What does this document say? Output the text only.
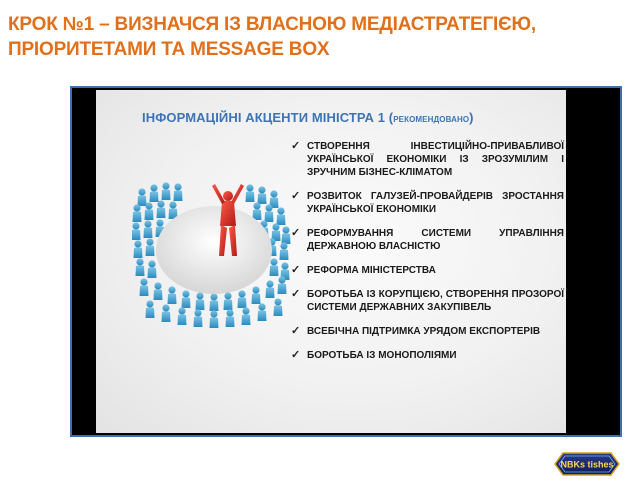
КРОК №1 – ВИЗНАЧСЯ ІЗ ВЛАСНОЮ МЕДІАСТРАТЕГІЄЮ, ПРІОРИТЕТАМИ ТА MESSAGE BOX
ІНФОРМАЦІЙНІ АКЦЕНТИ МІНІСТРА 1 (РЕКОМЕНДОВАНО)
✓ СТВОРЕННЯ ІНВЕСТИЦІЙНО-ПРИВАБЛИВОЇ УКРАЇНСЬКОЇ ЕКОНОМІКИ ІЗ ЗРОЗУМІЛИМ І ЗРУЧНИМ БІЗНЕС-КЛІМАТОМ
✓ РОЗВИТОК ГАЛУЗЕЙ-ПРОВАЙДЕРІВ ЗРОСТАННЯ УКРАЇНСЬКОЇ ЕКОНОМІКИ
✓ РЕФОРМУВАННЯ СИСТЕМИ УПРАВЛІННЯ ДЕРЖАВНОЮ ВЛАСНІСТЮ
✓ РЕФОРМА МІНІСТЕРСТВА
✓ БОРОТЬБА ІЗ КОРУПЦІЄЮ, СТВОРЕННЯ ПРОЗОРОЇ СИСТЕМИ ДЕРЖАВНИХ ЗАКУПІВЕЛЬ
✓ ВСЕБІЧНА ПІДТРИМКА УРЯДОМ ЕКСПОРТЕРІВ
✓ БОРОТЬБА ІЗ МОНОПОЛІЯМИ
NBKs tishes
